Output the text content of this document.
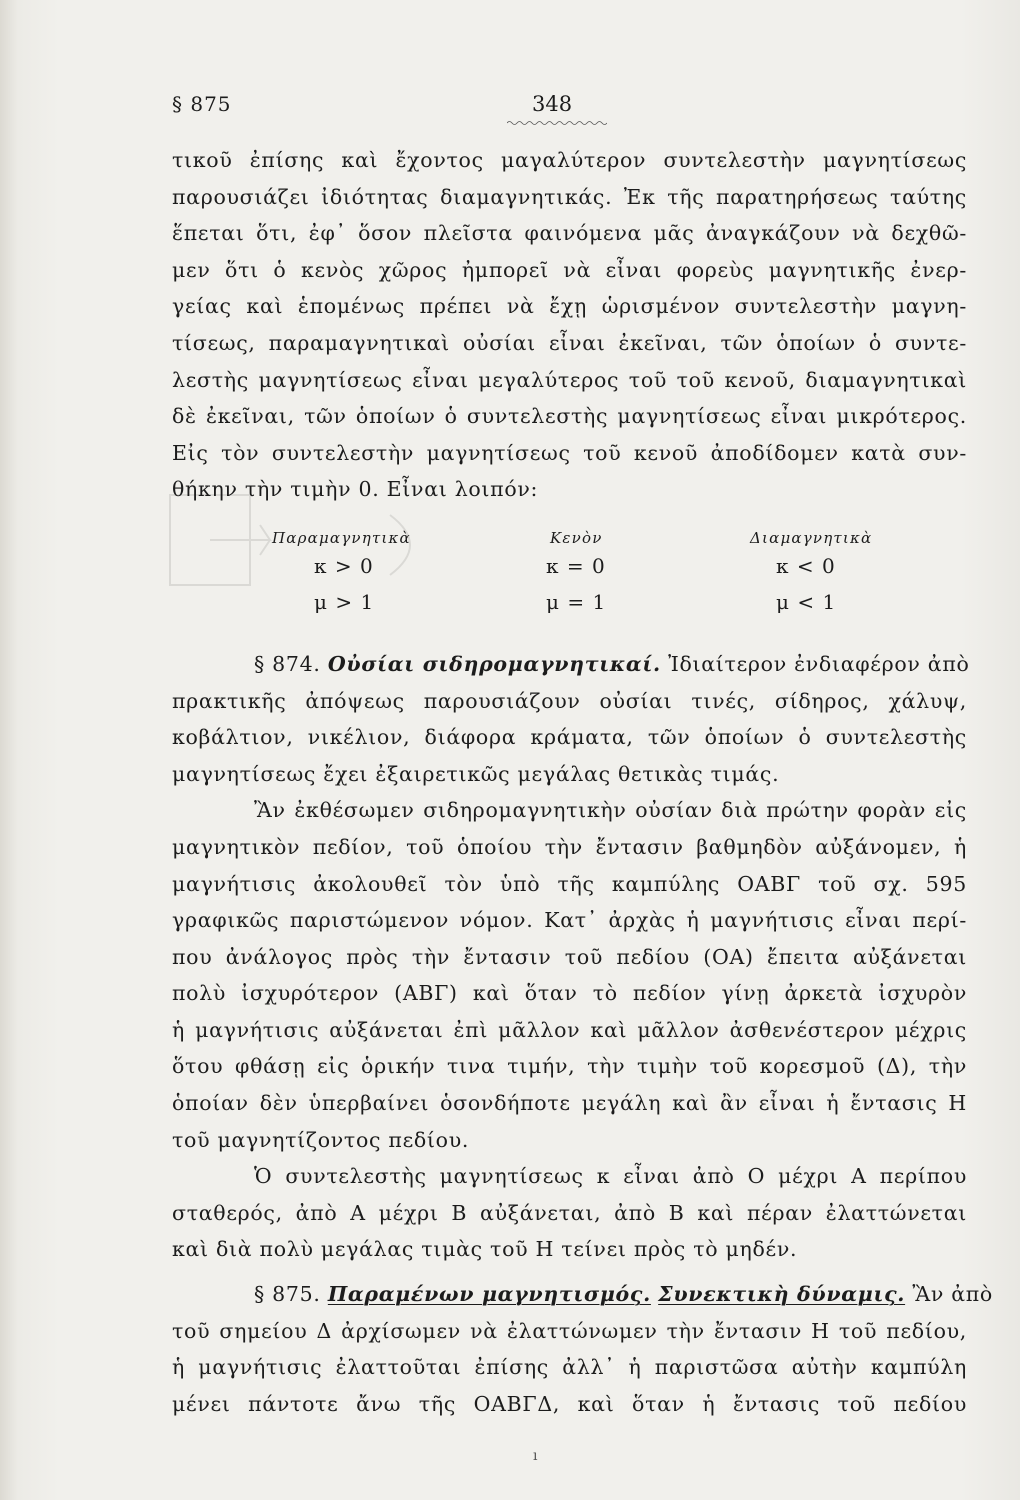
§ 875	348
τικοῦ ἐπίσης καὶ ἔχοντος μαγαλύτερον συντελεστὴν μαγνητίσεως
παρουσιάζει ἰδιότητας διαμαγνητικάς. Ἐκ τῆς παρατηρήσεως ταύτης
ἕπεται ὅτι, ἐφ᾿ ὅσον πλεῖστα φαινόμενα μᾶς ἀναγκάζουν νὰ δεχθῶ-
μεν ὅτι ὁ κενὸς χῶρος ἠμπορεῖ νὰ εἶναι φορεὺς μαγνητικῆς ἐνερ-
γείας καὶ ἑπομένως πρέπει νὰ ἔχῃ ὡρισμένον συντελεστὴν μαγνη-
τίσεως, παραμαγνητικαὶ οὐσίαι εἶναι ἐκεῖναι, τῶν ὁποίων ὁ συντε-
λεστὴς μαγνητίσεως εἶναι μεγαλύτερος τοῦ τοῦ κενοῦ, διαμαγνητικαὶ
δὲ ἐκεῖναι, τῶν ὁποίων ὁ συντελεστὴς μαγνητίσεως εἶναι μικρότερος.
Εἰς τὸν συντελεστὴν μαγνητίσεως τοῦ κενοῦ ἀποδίδομεν κατὰ συν-
θήκην τὴν τιμὴν 0. Εἶναι λοιπόν:
Παραμαγνητικὰ	Κενὸν	Διαμαγνητικὰ
κ > 0	κ = 0	κ < 0
μ > 1	μ = 1	μ < 1
§ 874. Οὐσίαι σιδηρομαγνητικαί. Ἰδιαίτερον ἐνδιαφέρον ἀπὸ
πρακτικῆς ἀπόψεως παρουσιάζουν οὐσίαι τινές, σίδηρος, χάλυψ,
κοβάλτιον, νικέλιον, διάφορα κράματα, τῶν ὁποίων ὁ συντελεστὴς
μαγνητίσεως ἔχει ἐξαιρετικῶς μεγάλας θετικὰς τιμάς.
Ἂν ἐκθέσωμεν σιδηρομαγνητικὴν οὐσίαν διὰ πρώτην φορὰν εἰς
μαγνητικὸν πεδίον, τοῦ ὁποίου τὴν ἔντασιν βαθμηδὸν αὐξάνομεν, ἡ
μαγνήτισις ἀκολουθεῖ τὸν ὑπὸ τῆς καμπύλης ΟΑΒΓ τοῦ σχ. 595
γραφικῶς παριστώμενον νόμον. Κατ᾿ ἀρχὰς ἡ μαγνήτισις εἶναι περί-
που ἀνάλογος πρὸς τὴν ἔντασιν τοῦ πεδίου (ΟΑ) ἔπειτα αὐξάνεται
πολὺ ἰσχυρότερον (ΑΒΓ) καὶ ὅταν τὸ πεδίον γίνῃ ἀρκετὰ ἰσχυρὸν
ἡ μαγνήτισις αὐξάνεται ἐπὶ μᾶλλον καὶ μᾶλλον ἀσθενέστερον μέχρις
ὅτου φθάσῃ εἰς ὁρικήν τινα τιμήν, τὴν τιμὴν τοῦ κορεσμοῦ (Δ), τὴν
ὁποίαν δὲν ὑπερβαίνει ὁσονδήποτε μεγάλη καὶ ἂν εἶναι ἡ ἔντασις Η
τοῦ μαγνητίζοντος πεδίου.
Ὁ συντελεστὴς μαγνητίσεως κ εἶναι ἀπὸ Ο μέχρι Α περίπου
σταθερός, ἀπὸ Α μέχρι Β αὐξάνεται, ἀπὸ Β καὶ πέραν ἐλαττώνεται
καὶ διὰ πολὺ μεγάλας τιμὰς τοῦ Η τείνει πρὸς τὸ μηδέν.
§ 875. Παραμένων μαγνητισμός. Συνεκτικὴ δύναμις. Ἂν ἀπὸ
τοῦ σημείου Δ ἀρχίσωμεν νὰ ἐλαττώνωμεν τὴν ἔντασιν Η τοῦ πεδίου,
ἡ μαγνήτισις ἐλαττοῦται ἐπίσης ἀλλ᾿ ἡ παριστῶσα αὐτὴν καμπύλη
μένει πάντοτε ἄνω τῆς ΟΑΒΓΔ, καὶ ὅταν ἡ ἔντασις τοῦ πεδίου
ı
